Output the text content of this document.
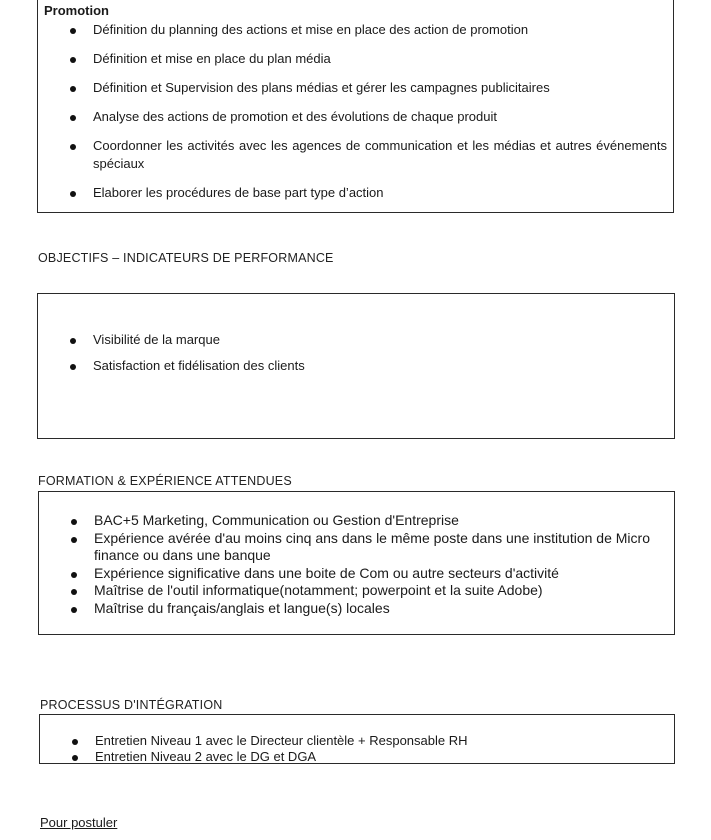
Promotion

Définition du planning des actions et mise en place des action de promotion
Définition et mise en place du plan média
Définition et Supervision des plans médias et gérer les campagnes publicitaires
Analyse des actions de promotion et des évolutions de chaque produit
Coordonner les activités avec les agences de communication et les médias et autres événements spéciaux
Elaborer les procédures de base part type d’action

OBJECTIFS – INDICATEURS DE PERFORMANCE

Visibilité de la marque
Satisfaction et fidélisation des clients

FORMATION & EXPÉRIENCE ATTENDUES

BAC+5 Marketing, Communication ou Gestion d'Entreprise
Expérience avérée d'au moins cinq ans dans le même poste dans une institution de Micro finance ou dans une banque
Expérience significative dans une boite de Com ou autre secteurs d'activité
Maîtrise de l'outil informatique(notamment; powerpoint et la suite Adobe)
Maîtrise du français/anglais et langue(s) locales

PROCESSUS D'INTÉGRATION

Entretien Niveau 1 avec le Directeur clientèle + Responsable RH
Entretien Niveau 2 avec le DG et DGA

Pour postuler
